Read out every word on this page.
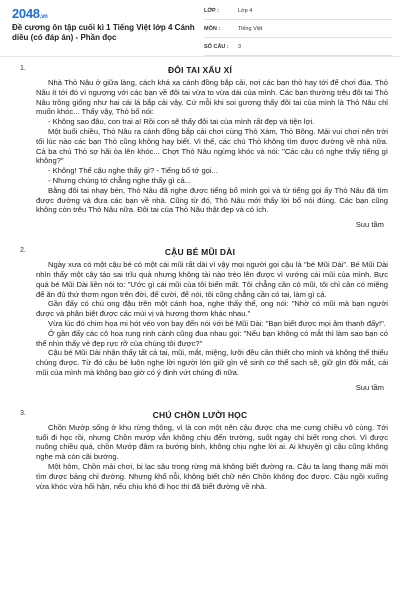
2048.vn
Đề cương ôn tập cuối kì 1 Tiếng Việt lớp 4 Cánh diều (có đáp án) - Phần đọc
LỚP :	Lớp 4
MÔN :	Tiếng Việt
SỐ CÂU :	3
1.	ĐÔI TAI XẤU XÍ

Nhà Thỏ Nâu ở giữa làng, cách khá xa cánh đồng bắp cải, nơi các bạn thỏ hay tới để chơi đùa. Thỏ Nâu ít tới đó vì ngượng với các bạn về đôi tai vừa to vừa dài của mình. Các bạn thường trêu đôi tai Thỏ Nâu trông giống như hai cái lá bắp cải vậy. Cứ mỗi khi soi gương thấy đôi tai của mình là Thỏ Nâu chỉ muốn khóc... Thấy vậy, Thỏ bố nói:

- Không sao đâu, con trai ạ! Rồi con sẽ thấy đôi tai của mình rất đẹp và tiện lợi.

Một buổi chiều, Thỏ Nâu ra cánh đồng bắp cải chơi cùng Thỏ Xám, Thỏ Bông. Mải vui chơi nên trời tối lúc nào các bạn Thỏ cũng không hay biết. Vì thế, các chú Thỏ không tìm được đường về nhà nữa. Cả ba chú Thỏ sợ hãi òa lên khóc... Chợt Thỏ Nâu ngừng khóc và nói: "Các cậu có nghe thấy tiếng gì không?"

- Không! Thế cậu nghe thấy gì? - Tiếng bố tớ gọi...

- Nhưng chúng tớ chẳng nghe thấy gì cả...

Bằng đôi tai nhạy bén, Thỏ Nâu đã nghe được tiếng bố mình gọi và từ tiếng gọi ấy Thỏ Nâu đã tìm được đường và đưa các bạn về nhà. Cũng từ đó, Thỏ Nâu mới thấy lời bố nói đúng. Các bạn cũng không còn trêu Thỏ Nâu nữa. Đôi tai của Thỏ Nâu thật đẹp và có ích.

Suu tầm
2.	CẬU BÉ MŨI DÀI

Ngày xưa có một cậu bé có một cái mũi rất dài vì vậy mọi người gọi cậu là "bé Mũi Dài". Bé Mũi Dài nhìn thấy một cây táo sai trĩu quả nhưng không tài nào trèo lên được vì vướng cái mũi của mình. Bực quá bé Mũi Dài liền nói to: "Ước gì cái mũi của tôi biến mất. Tôi chẳng cần có mũi, tôi chỉ cần có miệng để ăn đủ thứ thơm ngon trên đời, để cười, để nói, tôi cũng chẳng cần có tai, làm gì cả.

Gần đấy có chú ong đậu trên một cánh hoa, nghe thấy thế, ong nói: "Nhờ có mũi mà bạn người được và phân biệt được các mùi vị và hương thơm khác nhau."

Vừa lúc đó chim họa mi hót véo von bay đến nói với bé Mũi Dài: "Bạn biết được mọi âm thanh đấy!".

Ở gần đấy các cô hoa rung rinh cánh cũng đua nhau gọi: "Nếu bạn không có mắt thì làm sao bạn có thể nhìn thấy vẻ đẹp rực rỡ của chúng tôi được?"

Cậu bé Mũi Dài nhận thấy tất cả tai, mũi, mắt, miệng, lưỡi đều cần thiết cho mình và không thể thiếu chúng được. Từ đó cậu bé luôn nghe lời người lớn giữ gìn vệ sinh cơ thể sạch sẽ, giữ gìn đôi mắt, cái mũi của mình mà không bao giờ có ý định vứt chúng đi nữa.

Suu tầm
3.	CHÚ CHỒN LƯỜI HỌC

Chồn Mướp sống ở khu rừng thông, vì là con một nên cậu được cha mẹ cưng chiều vô cùng. Tới tuổi đi học rồi, nhưng Chồn mướp vẫn không chịu đến trường, suốt ngày chỉ biết rong chơi. Vì được nuông chiều quá, chồn Mướp đâm ra bướng bỉnh, không chịu nghe lời ai. Ai khuyên gì cậu cũng không nghe mà còn cãi bướng.

Một hôm, Chồn mải chơi, bị lạc sâu trong rừng mà không biết đường ra. Cậu ta lang thang mãi mới tìm được bảng chỉ đường. Nhưng khổ nỗi, không biết chữ nên Chồn không đọc được. Cậu ngồi xuống vừa khóc vừa hối hận, nếu chịu khó đi học thì đã biết đường về nhà.
